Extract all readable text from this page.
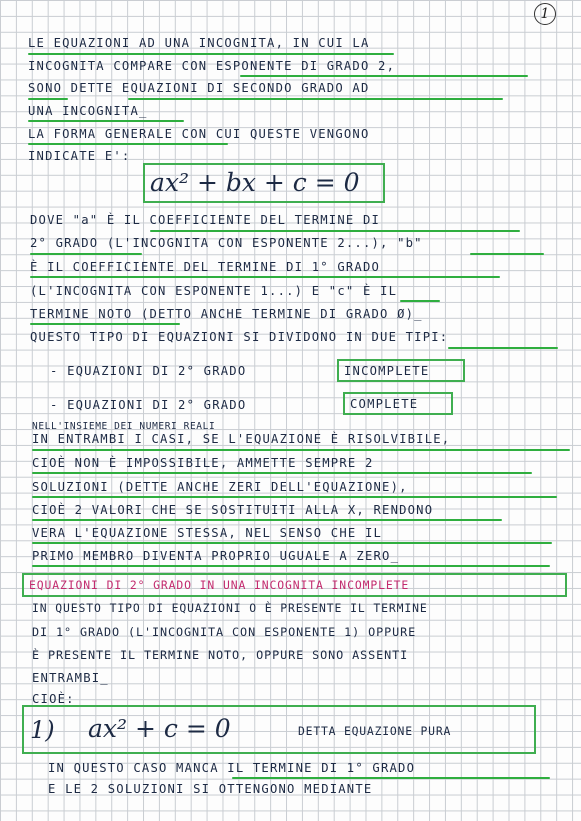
1
LE EQUAZIONI AD UNA INCOGNITA, IN CUI LA
INCOGNITA COMPARE CON ESPONENTE DI GRADO 2,
SONO DETTE EQUAZIONI DI SECONDO GRADO AD
UNA INCOGNITA_
LA FORMA GENERALE CON CUI QUESTE VENGONO
INDICATE E':
ax² + bx + c = 0
DOVE "a" È IL COEFFICIENTE DEL TERMINE DI
2° GRADO (L'INCOGNITA CON ESPONENTE 2...), "b"
È IL COEFFICIENTE DEL TERMINE DI 1° GRADO
(L'INCOGNITA CON ESPONENTE 1...) E "c" È IL
TERMINE NOTO (DETTO ANCHE TERMINE DI GRADO Ø)_
QUESTO TIPO DI EQUAZIONI SI DIVIDONO IN DUE TIPI:
- EQUAZIONI DI 2° GRADO	INCOMPLETE
- EQUAZIONI DI 2° GRADO	COMPLETE
NELL'INSIEME DEI NUMERI REALI
IN ENTRAMBI I CASI, SE L'EQUAZIONE È RISOLVIBILE,
CIOÈ NON È IMPOSSIBILE, AMMETTE SEMPRE 2
SOLUZIONI (DETTE ANCHE ZERI DELL'EQUAZIONE),
CIOÈ 2 VALORI CHE SE SOSTITUITI ALLA X, RENDONO
VERA L'EQUAZIONE STESSA, NEL SENSO CHE IL
PRIMO MEMBRO DIVENTA PROPRIO UGUALE A ZERO_
EQUAZIONI DI 2° GRADO IN UNA INCOGNITA INCOMPLETE
IN QUESTO TIPO DI EQUAZIONI O È PRESENTE IL TERMINE
DI 1° GRADO (L'INCOGNITA CON ESPONENTE 1) OPPURE
È PRESENTE IL TERMINE NOTO, OPPURE SONO ASSENTI
ENTRAMBI_
CIOÈ:
1) ax² + c = 0	DETTA EQUAZIONE PURA
IN QUESTO CASO MANCA IL TERMINE DI 1° GRADO
E LE 2 SOLUZIONI SI OTTENGONO MEDIANTE
